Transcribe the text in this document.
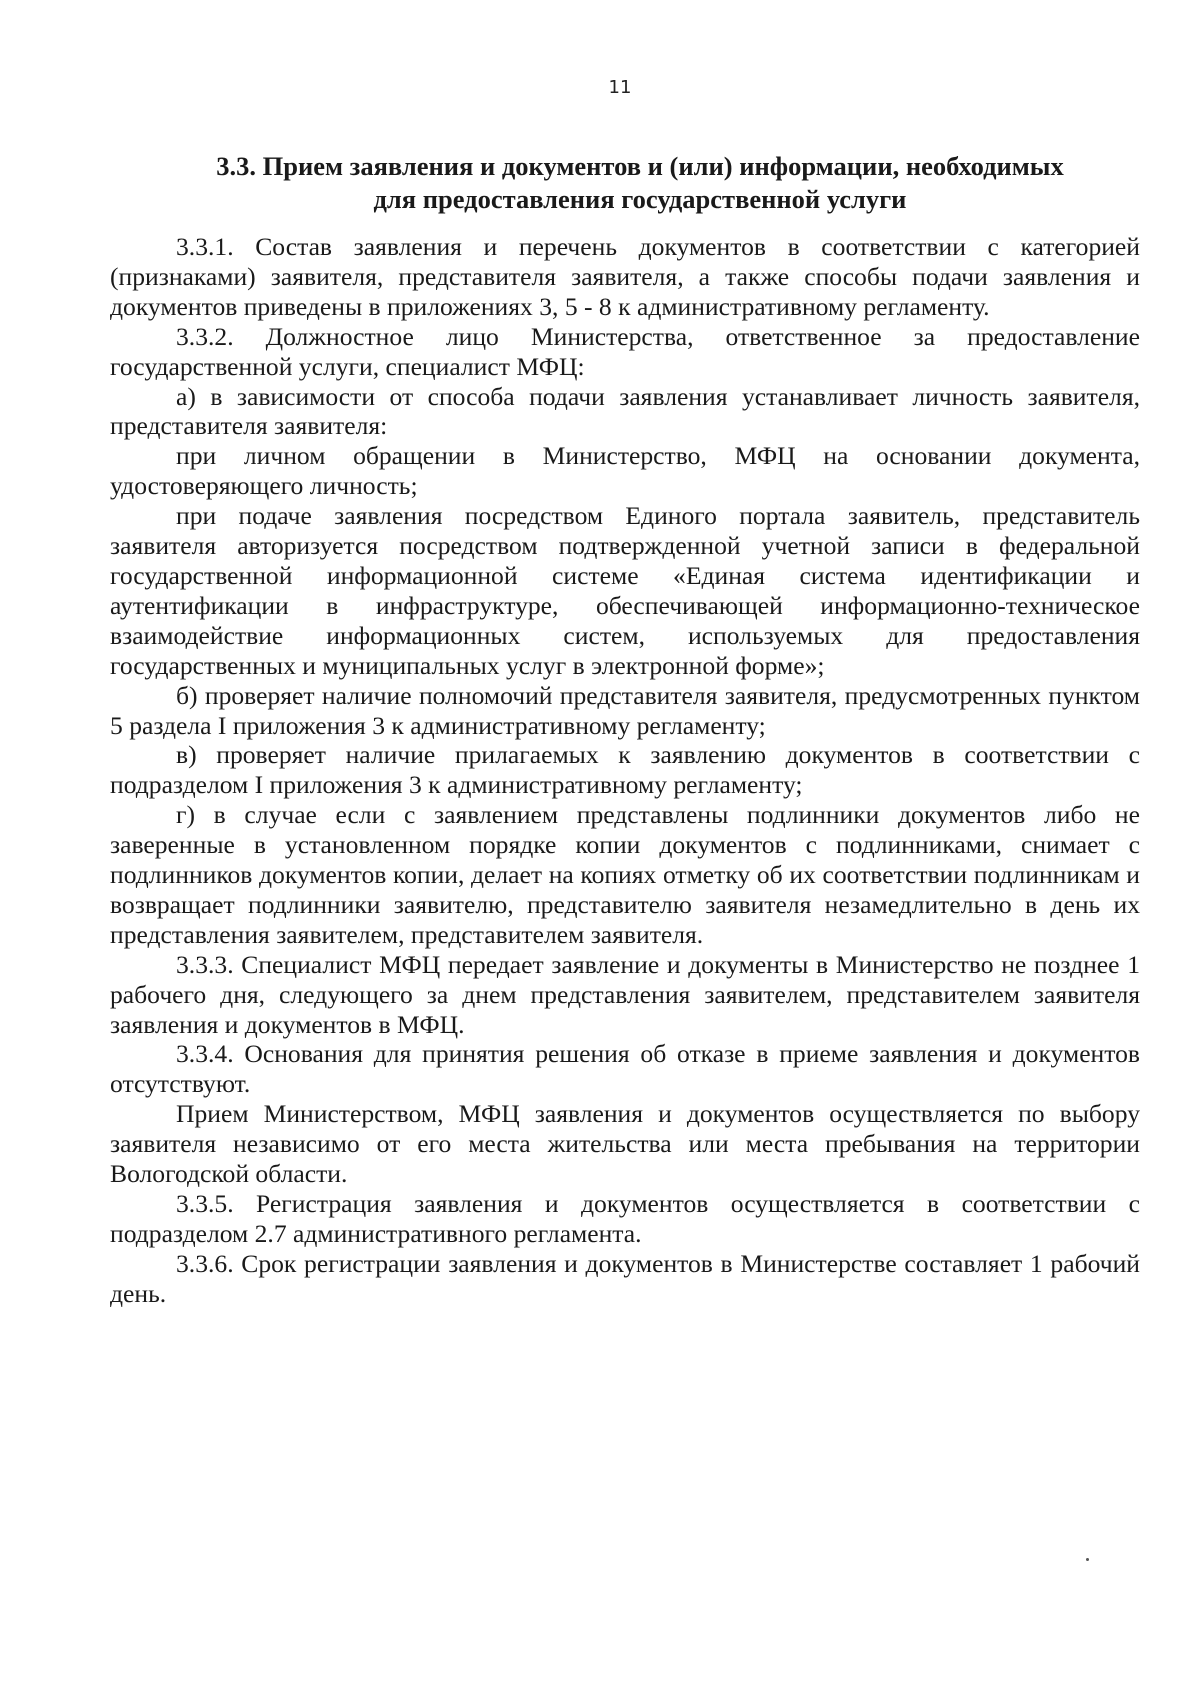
11
3.3. Прием заявления и документов и (или) информации, необходимых
для предоставления государственной услуги

3.3.1. Состав заявления и перечень документов в соответствии с категорией (признаками) заявителя, представителя заявителя, а также способы подачи заявления и документов приведены в приложениях 3, 5 - 8 к административному регламенту.

3.3.2. Должностное лицо Министерства, ответственное за предоставление государственной услуги, специалист МФЦ:

а) в зависимости от способа подачи заявления устанавливает личность заявителя, представителя заявителя:

при личном обращении в Министерство, МФЦ на основании документа, удостоверяющего личность;

при подаче заявления посредством Единого портала заявитель, представитель заявителя авторизуется посредством подтвержденной учетной записи в федеральной государственной информационной системе «Единая система идентификации и аутентификации в инфраструктуре, обеспечивающей информационно-техническое взаимодействие информационных систем, используемых для предоставления государственных и муниципальных услуг в электронной форме»;

б) проверяет наличие полномочий представителя заявителя, предусмотренных пунктом 5 раздела I приложения 3 к административному регламенту;

в) проверяет наличие прилагаемых к заявлению документов в соответствии с подразделом I приложения 3 к административному регламенту;

г) в случае если с заявлением представлены подлинники документов либо не заверенные в установленном порядке копии документов с подлинниками, снимает с подлинников документов копии, делает на копиях отметку об их соответствии подлинникам и возвращает подлинники заявителю, представителю заявителя незамедлительно в день их представления заявителем, представителем заявителя.

3.3.3. Специалист МФЦ передает заявление и документы в Министерство не позднее 1 рабочего дня, следующего за днем представления заявителем, представителем заявителя заявления и документов в МФЦ.

3.3.4. Основания для принятия решения об отказе в приеме заявления и документов отсутствуют.

Прием Министерством, МФЦ заявления и документов осуществляется по выбору заявителя независимо от его места жительства или места пребывания на территории Вологодской области.

3.3.5. Регистрация заявления и документов осуществляется в соответствии с подразделом 2.7 административного регламента.

3.3.6. Срок регистрации заявления и документов в Министерстве составляет 1 рабочий день.
